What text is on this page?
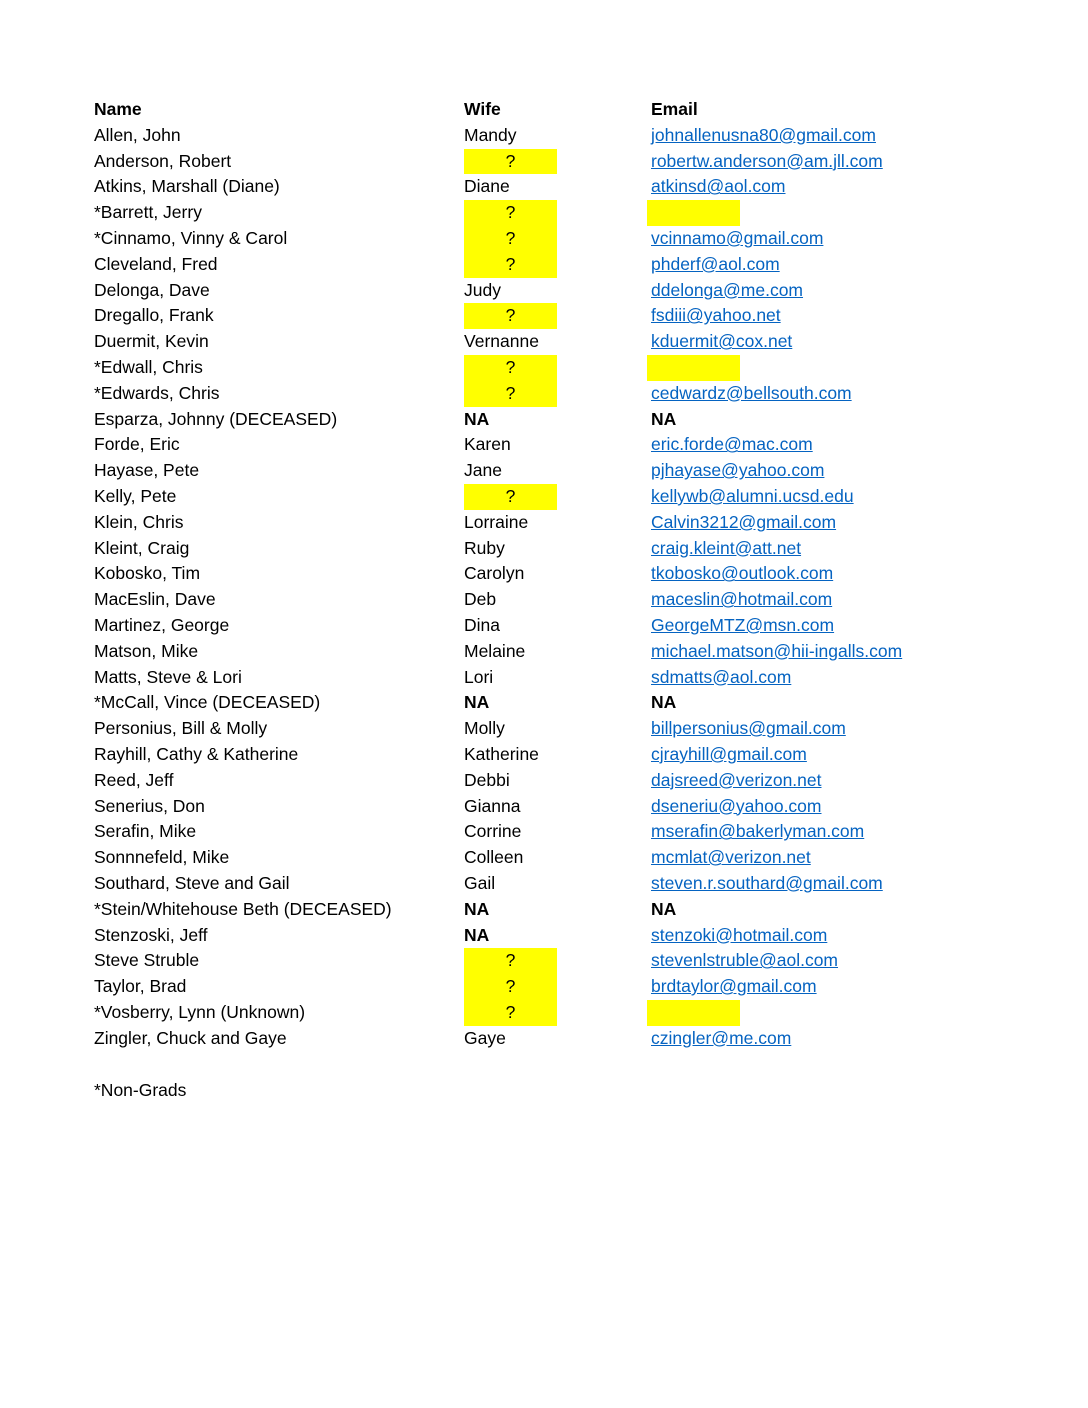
Name	Wife	Email
Allen, John	Mandy	johnallenusna80@gmail.com
Anderson, Robert	?	robertw.anderson@am.jll.com
Atkins, Marshall (Diane)	Diane	atkinsd@aol.com
*Barrett, Jerry	?
*Cinnamo, Vinny & Carol	?	vcinnamo@gmail.com
Cleveland, Fred	?	phderf@aol.com
Delonga, Dave	Judy	ddelonga@me.com
Dregallo, Frank	?	fsdiii@yahoo.net
Duermit, Kevin	Vernanne	kduermit@cox.net
*Edwall, Chris	?
*Edwards, Chris	?	cedwardz@bellsouth.com
Esparza, Johnny (DECEASED)	NA	NA
Forde, Eric	Karen	eric.forde@mac.com
Hayase, Pete	Jane	pjhayase@yahoo.com
Kelly, Pete	?	kellywb@alumni.ucsd.edu
Klein, Chris	Lorraine	Calvin3212@gmail.com
Kleint, Craig	Ruby	craig.kleint@att.net
Kobosko, Tim	Carolyn	tkobosko@outlook.com
MacEslin, Dave	Deb	maceslin@hotmail.com
Martinez, George	Dina	GeorgeMTZ@msn.com
Matson, Mike	Melaine	michael.matson@hii-ingalls.com
Matts, Steve & Lori	Lori	sdmatts@aol.com
*McCall, Vince (DECEASED)	NA	NA
Personius, Bill & Molly	Molly	billpersonius@gmail.com
Rayhill, Cathy & Katherine	Katherine	cjrayhill@gmail.com
Reed, Jeff	Debbi	dajsreed@verizon.net
Senerius, Don	Gianna	dseneriu@yahoo.com
Serafin, Mike	Corrine	mserafin@bakerlyman.com
Sonnnefeld, Mike	Colleen	mcmlat@verizon.net
Southard, Steve and Gail	Gail	steven.r.southard@gmail.com
*Stein/Whitehouse Beth (DECEASED)	NA	NA
Stenzoski, Jeff	NA	stenzoki@hotmail.com
Steve Struble	?	stevenlstruble@aol.com
Taylor, Brad	?	brdtaylor@gmail.com
*Vosberry, Lynn (Unknown)	?
Zingler, Chuck and Gaye	Gaye	czingler@me.com
*Non-Grads
